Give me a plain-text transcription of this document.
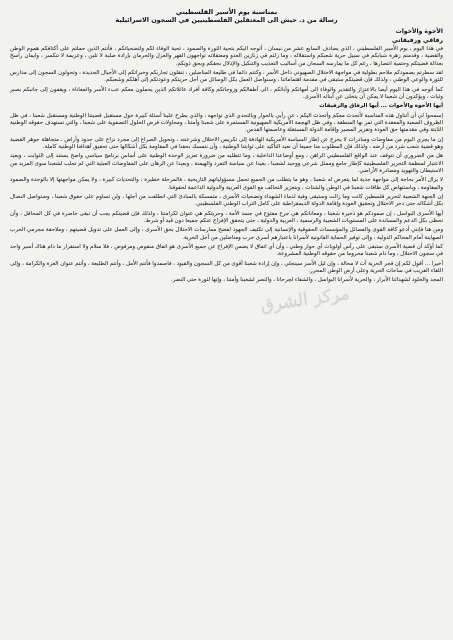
بمناسبة يوم الأسير الفلسطيني
رسالة من د. حيش الى المعتقلين الفلسطينيين في السجون الاسرائيلية
الأخوة والأخوات
رفاقي ورفيقاتي
في هذا اليوم ، يوم الأسير الفلسطيني ، الذي يصادف السابع عشر من نيسان ، أتوجه اليكم بتحية الثورة والصمود ، تحية الوفاء لكم ولتضحياتكم ، فأنتم الذين حملتم على أكتافكم هموم الوطن والقضية ، وقدمتم زهرة شبابكم في سبيل حرية شعبكم واستقلاله ، وما زلتم في زنازين العدو ومعتقلاته تواجهون القهر والعزل والحرمان بإرادة صلبة لا تلين ، وعزيمة لا تنكسر ، وايمان راسخ بعدالة قضيتكم وحتمية انتصارها ، رغم كل ما يمارسه السجان من أساليب التعذيب والتنكيل والإذلال بحقكم وبحق ذويكم.
لقد سطرتم بصمودكم ملاحم بطولية في مواجهة الاحتلال الصهيوني داخل الأسر ، وكنتم دائما في طليعة المناضلين ، تنقلون تجاربكم وخبراتكم إلى الأجيال الجديدة ، وتحولون السجون إلى مدارس للثورة والوعي الوطني ، ولذلك فإن قضيتكم ستبقى في مقدمة اهتماماتنا ، وسنواصل العمل بكل الوسائل من أجل حريتكم وعودتكم إلى أهلكم وشعبكم.
كما أتوجه في هذا اليوم أيضا بالاعتزاز والتقدير والوفاء الى أمهاتكم وآبائكم ، الى أطفالكم وزوجاتكم وكافة أفراد عائلاتكم الذين يحملون معكم عبء الأسر والمعاناة ، ويقفون إلى جانبكم بصبر وثبات ، ويؤكدون أن شعبنا لا يمكن أن يتخلى عن أبنائه الأسرى.
أيها الأخوة والأخوات ... أيها الرفاق والرفيقات
إسمحوا لي أن أتناول هذه المناسبة لأتحدث معكم وأتحدث اليكم ، عن رأيي بالحوار وبالتحدي الذي نواجهه ، والذي يطرح علينا أسئلة كبيرة حول مستقبل قضيتنا الوطنية ومستقبل شعبنا ، في ظل الظروف الصعبة والمعقدة التي تمر بها المنطقة ، وفي ظل الهجمة الأمريكية الصهيونية المستمرة على شعبنا وأمتنا ، ومحاولات فرض الحلول التصفوية على شعبنا ، والتي تستهدف حقوقه الوطنية الثابتة وفي مقدمتها حق العودة وتقرير المصير وإقامة الدولة المستقلة وعاصمتها القدس.
إن ما يجري اليوم من مفاوضات ومبادرات لا يخرج عن إطار السياسة الأمريكية الهادفة إلى تكريس الاحتلال وشرعنته ، وتحويل الصراع إلى مجرد نزاع على حدود وأراض ، متجاهلة جوهر القضية وهو قضية شعب شرد من أرضه ، ولذلك فإن المطلوب منا جميعا أن نعيد التأكيد على ثوابتنا الوطنية ، وأن نتمسك بحقنا في المقاومة بكل أشكالها حتى تحقيق أهدافنا الوطنية كاملة.
هل من الضروري أن نتوقف عند الواقع الفلسطيني الراهن ، ومع أوضاعنا الداخلية ، وما تتطلبه من ضرورة تعزيز الوحدة الوطنية على أساس برنامج سياسي واضح يستند إلى الثوابت ، ويعيد الاعتبار لمنظمة التحرير الفلسطينية كإطار جامع وممثل شرعي ووحيد لشعبنا ، بعيدا عن سياسة التفرد والهيمنة ، وبعيدا عن الرهان على المفاوضات العبثية التي لم تجلب لشعبنا سوى المزيد من الاستيطان والتهويد ومصادرة الأراضي.
لا يزال الأمر بحاجة إلى مواجهة جدية لما يتعرض له شعبنا ، وهو ما يتطلب من الجميع تحمل مسؤولياتهم التاريخية ، فالمرحلة خطيرة ، والتحديات كبيرة ، ولا يمكن مواجهتها إلا بالوحدة والصمود والمقاومة ، وباستنهاض كل طاقات شعبنا في الوطن والشتات ، وبتعزيز التحالف مع القوى العربية والدولية الداعمة لحقوقنا.
إن الجبهة الشعبية لتحرير فلسطين كانت وما زالت وستبقى وفية لدماء الشهداء وتضحيات الأسرى ، متمسكة بالمبادئ التي انطلقت من أجلها ، ولن تساوم على حقوق شعبنا ، وستواصل النضال بكل أشكاله حتى دحر الاحتلال وتحقيق العودة وإقامة الدولة الديمقراطية على كامل التراب الوطني الفلسطيني.
أيها الأسرى البواسل ، إن صمودكم هو ذخيرة شعبنا ، ومعاناتكم هي جرح مفتوح في جسد الأمة ، وحريتكم هي عنوان لكرامتنا ، ولذلك فإن قضيتكم يجب أن تبقى حاضرة في كل المحافل ، وأن تحظى بكل الدعم والمساندة على المستويات الشعبية والرسمية ، العربية والدولية ، حتى يتحقق الإفراج عنكم جميعا دون قيد أو شرط.
ومن هنا فإنني أدعو كافة القوى والفصائل والمؤسسات الحقوقية والإنسانية إلى تكثيف الجهود لفضح ممارسات الاحتلال بحق الأسرى ، وإلى العمل على تدويل قضيتهم ، وملاحقة مجرمي الحرب الصهاينة أمام المحاكم الدولية ، وإلى توفير الحماية القانونية لأسرانا باعتبارهم أسرى حرب ومناضلين من أجل الحرية.
كما أؤكد أن قضية الأسرى ستبقى على رأس أولويات أي حوار وطني ، وأن أي اتفاق لا يضمن الإفراج عن جميع الأسرى هو اتفاق منقوص ومرفوض ، فلا سلام ولا استقرار ما دام هناك أسير واحد في سجون الاحتلال ، وما دام شعبنا محروما من حقوقه الوطنية المشروعة.
أخيرا ... أقول لكم إن فجر الحرية آت لا محالة ، وإن ليل الأسر سينجلي ، وإن إرادة شعبنا أقوى من كل السجون والقيود ، فاصمدوا فأنتم الأمل ، وأنتم الطليعة ، وأنتم عنوان العزة والكرامة ، وإلى اللقاء القريب في ساحات الحرية وعلى أرض الوطن المحرر.
المجد والخلود لشهدائنا الأبرار ، والحرية لأسرانا البواسل ، والشفاء لجرحانا ، والنصر لشعبنا وأمتنا ، وإنها لثورة حتى النصر.
مركز الشرق
